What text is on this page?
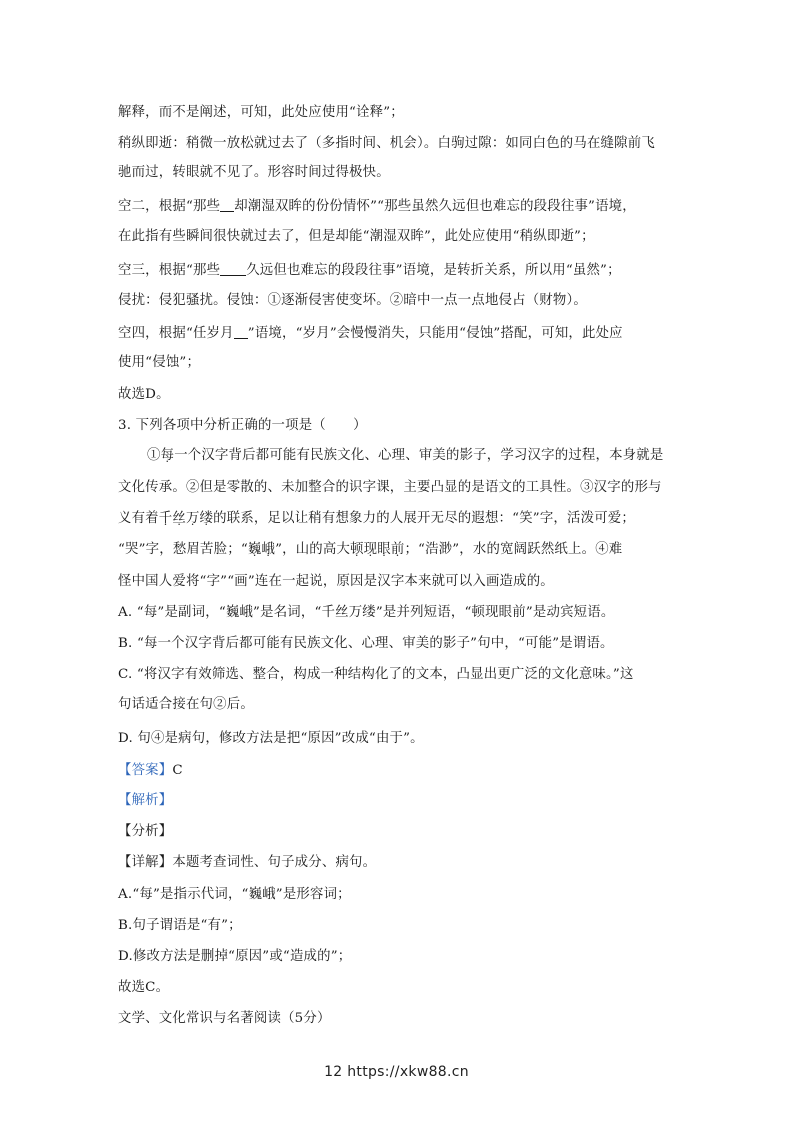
解释，而不是阐述，可知，此处应使用“诠释”；
稍纵即逝：稍微一放松就过去了（多指时间、机会）。白驹过隙：如同白色的马在缝隙前飞
驰而过，转眼就不见了。形容时间过得极快。
空二，根据“那些 却潮湿双眸的份份情怀”“那些虽然久远但也难忘的段段往事”语境，
在此指有些瞬间很快就过去了，但是却能“潮湿双眸”，此处应使用“稍纵即逝”；
空三，根据“那些 久远但也难忘的段段往事”语境，是转折关系，所以用“虽然”；
侵扰：侵犯骚扰。侵蚀：①逐渐侵害使变坏。②暗中一点一点地侵占（财物）。
空四，根据“任岁月 ”语境，“岁月”会慢慢消失，只能用“侵蚀”搭配，可知，此处应
使用“侵蚀”；
故选D。
3. 下列各项中分析正确的一项是（　　）
①每一个汉字背后都可能有民族文化、心理、审美的影子，学习汉字的过程，本身就是
文化传承。②但是零散的、未加整合的识字课，主要凸显的是语文的工具性。③汉字的形与
义有着千丝万缕的联系，足以让稍有想象力的人展开无尽的遐想：“笑”字，活泼可爱；
“哭”字，愁眉苦脸；“巍峨”，山的高大顿现眼前；“浩渺”，水的宽阔跃然纸上。④难
怪中国人爱将“字”“画”连在一起说，原因是汉字本来就可以入画造成的。
A. “每”是副词，“巍峨”是名词，“千丝万缕”是并列短语，“顿现眼前”是动宾短语。
B. “每一个汉字背后都可能有民族文化、心理、审美的影子”句中，“可能”是谓语。
C. “将汉字有效筛选、整合，构成一种结构化了的文本，凸显出更广泛的文化意味。”这
句话适合接在句②后。
D. 句④是病句，修改方法是把“原因”改成“由于”。
【答案】C
【解析】
【分析】
【详解】本题考查词性、句子成分、病句。
A.“每”是指示代词，“巍峨”是形容词；
B.句子谓语是“有”；
D.修改方法是删掉“原因”或“造成的”；
故选C。
文学、文化常识与名著阅读（5分）
12 https://xkw88.cn
